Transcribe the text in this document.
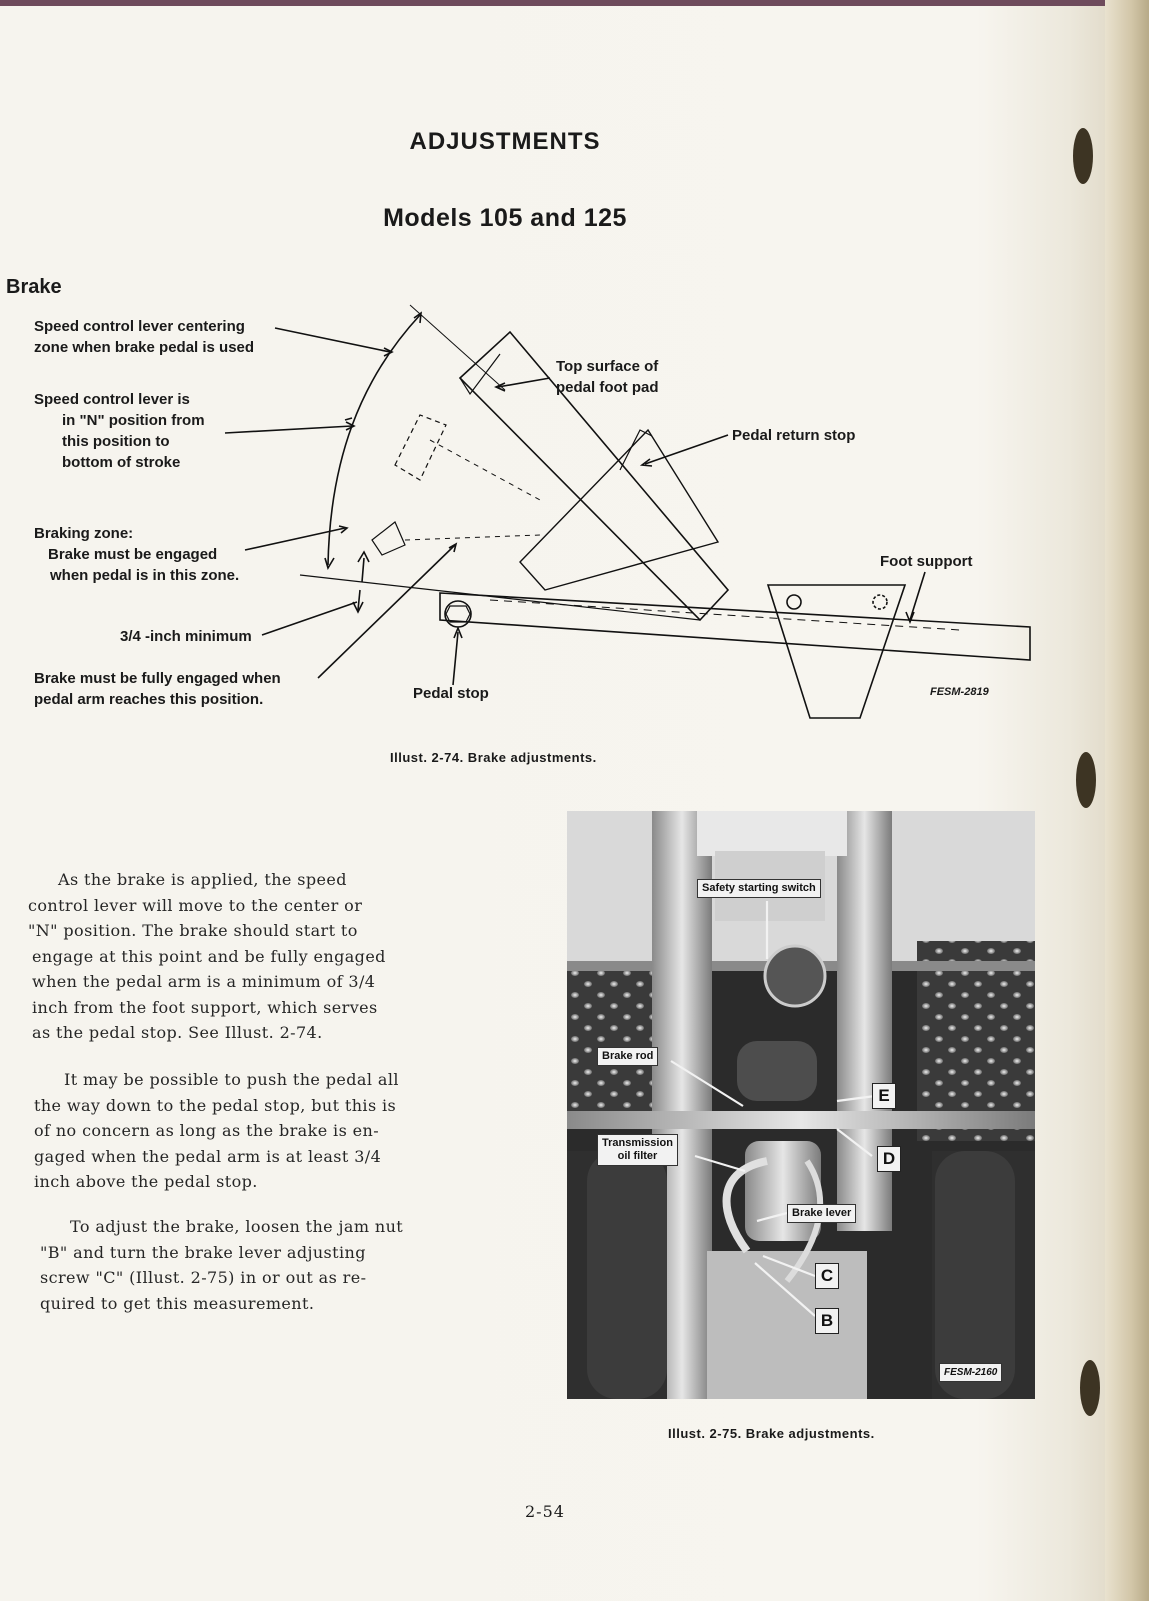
ADJUSTMENTS
Models 105 and 125
Brake
Speed control lever centering
zone when brake pedal is used
Speed control lever is
in "N" position from
this position to
bottom of stroke
Braking zone:
Brake must be engaged
when pedal is in this zone.
3/4 -inch minimum
Brake must be fully engaged when
pedal arm reaches this position.	Pedal stop
Top surface of
pedal foot pad
Pedal return stop
Foot support
FESM-2819
Illust. 2-74. Brake adjustments.
As the brake is applied, the speed
control lever will move to the center or
"N" position. The brake should start to
engage at this point and be fully engaged
when the pedal arm is a minimum of 3/4
inch from the foot support, which serves
as the pedal stop. See Illust. 2-74.
It may be possible to push the pedal all
the way down to the pedal stop, but this is
of no concern as long as the brake is en-
gaged when the pedal arm is at least 3/4
inch above the pedal stop.
To adjust the brake, loosen the jam nut
"B" and turn the brake lever adjusting
screw "C" (Illust. 2-75) in or out as re-
quired to get this measurement.
Safety starting switch
Brake rod
Transmission
oil filter
Brake lever
E
D
C
B
FESM-2160
Illust. 2-75. Brake adjustments.
2-54
